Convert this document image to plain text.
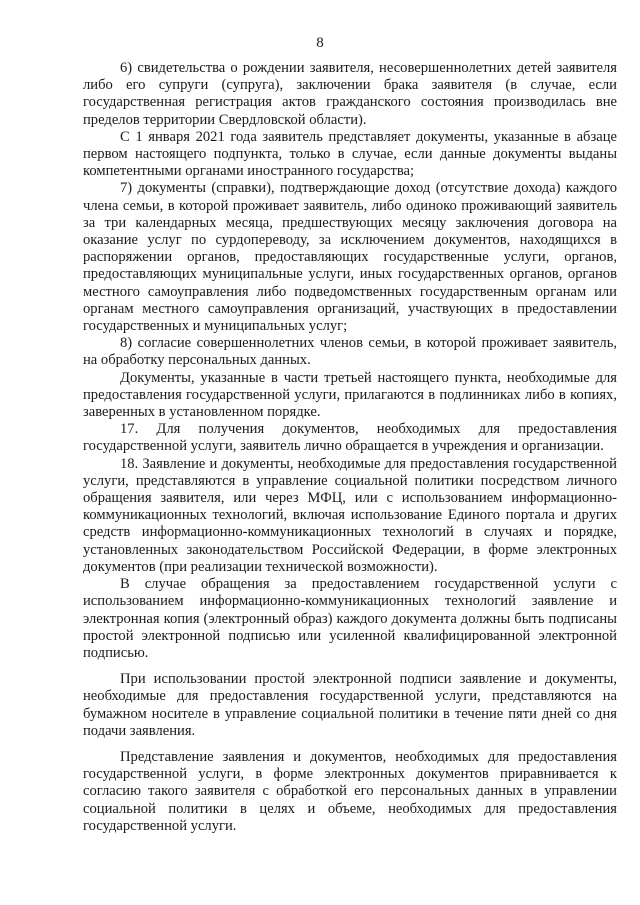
8

6) свидетельства о рождении заявителя, несовершеннолетних детей заявителя либо его супруги (супруга), заключении брака заявителя (в случае, если государственная регистрация актов гражданского состояния производилась вне пределов территории Свердловской области).

С 1 января 2021 года заявитель представляет документы, указанные в абзаце первом настоящего подпункта, только в случае, если данные документы выданы компетентными органами иностранного государства;

7) документы (справки), подтверждающие доход (отсутствие дохода) каждого члена семьи, в которой проживает заявитель, либо одиноко проживающий заявитель за три календарных месяца, предшествующих месяцу заключения договора на оказание услуг по сурдопереводу, за исключением документов, находящихся в распоряжении органов, предоставляющих государственные услуги, органов, предоставляющих муниципальные услуги, иных государственных органов, органов местного самоуправления либо подведомственных государственным органам или органам местного самоуправления организаций, участвующих в предоставлении государственных и муниципальных услуг;

8) согласие совершеннолетних членов семьи, в которой проживает заявитель, на обработку персональных данных.

Документы, указанные в части третьей настоящего пункта, необходимые для предоставления государственной услуги, прилагаются в подлинниках либо в копиях, заверенных в установленном порядке.

17. Для получения документов, необходимых для предоставления государственной услуги, заявитель лично обращается в учреждения и организации.

18. Заявление и документы, необходимые для предоставления государственной услуги, представляются в управление социальной политики посредством личного обращения заявителя, или через МФЦ, или с использованием информационно-коммуникационных технологий, включая использование Единого портала и других средств информационно-коммуникационных технологий в случаях и порядке, установленных законодательством Российской Федерации, в форме электронных документов (при реализации технической возможности).

В случае обращения за предоставлением государственной услуги с использованием информационно-коммуникационных технологий заявление и электронная копия (электронный образ) каждого документа должны быть подписаны простой электронной подписью или усиленной квалифицированной электронной подписью.

При использовании простой электронной подписи заявление и документы, необходимые для предоставления государственной услуги, представляются на бумажном носителе в управление социальной политики в течение пяти дней со дня подачи заявления.

Представление заявления и документов, необходимых для предоставления государственной услуги, в форме электронных документов приравнивается к согласию такого заявителя с обработкой его персональных данных в управлении социальной политики в целях и объеме, необходимых для предоставления государственной услуги.
